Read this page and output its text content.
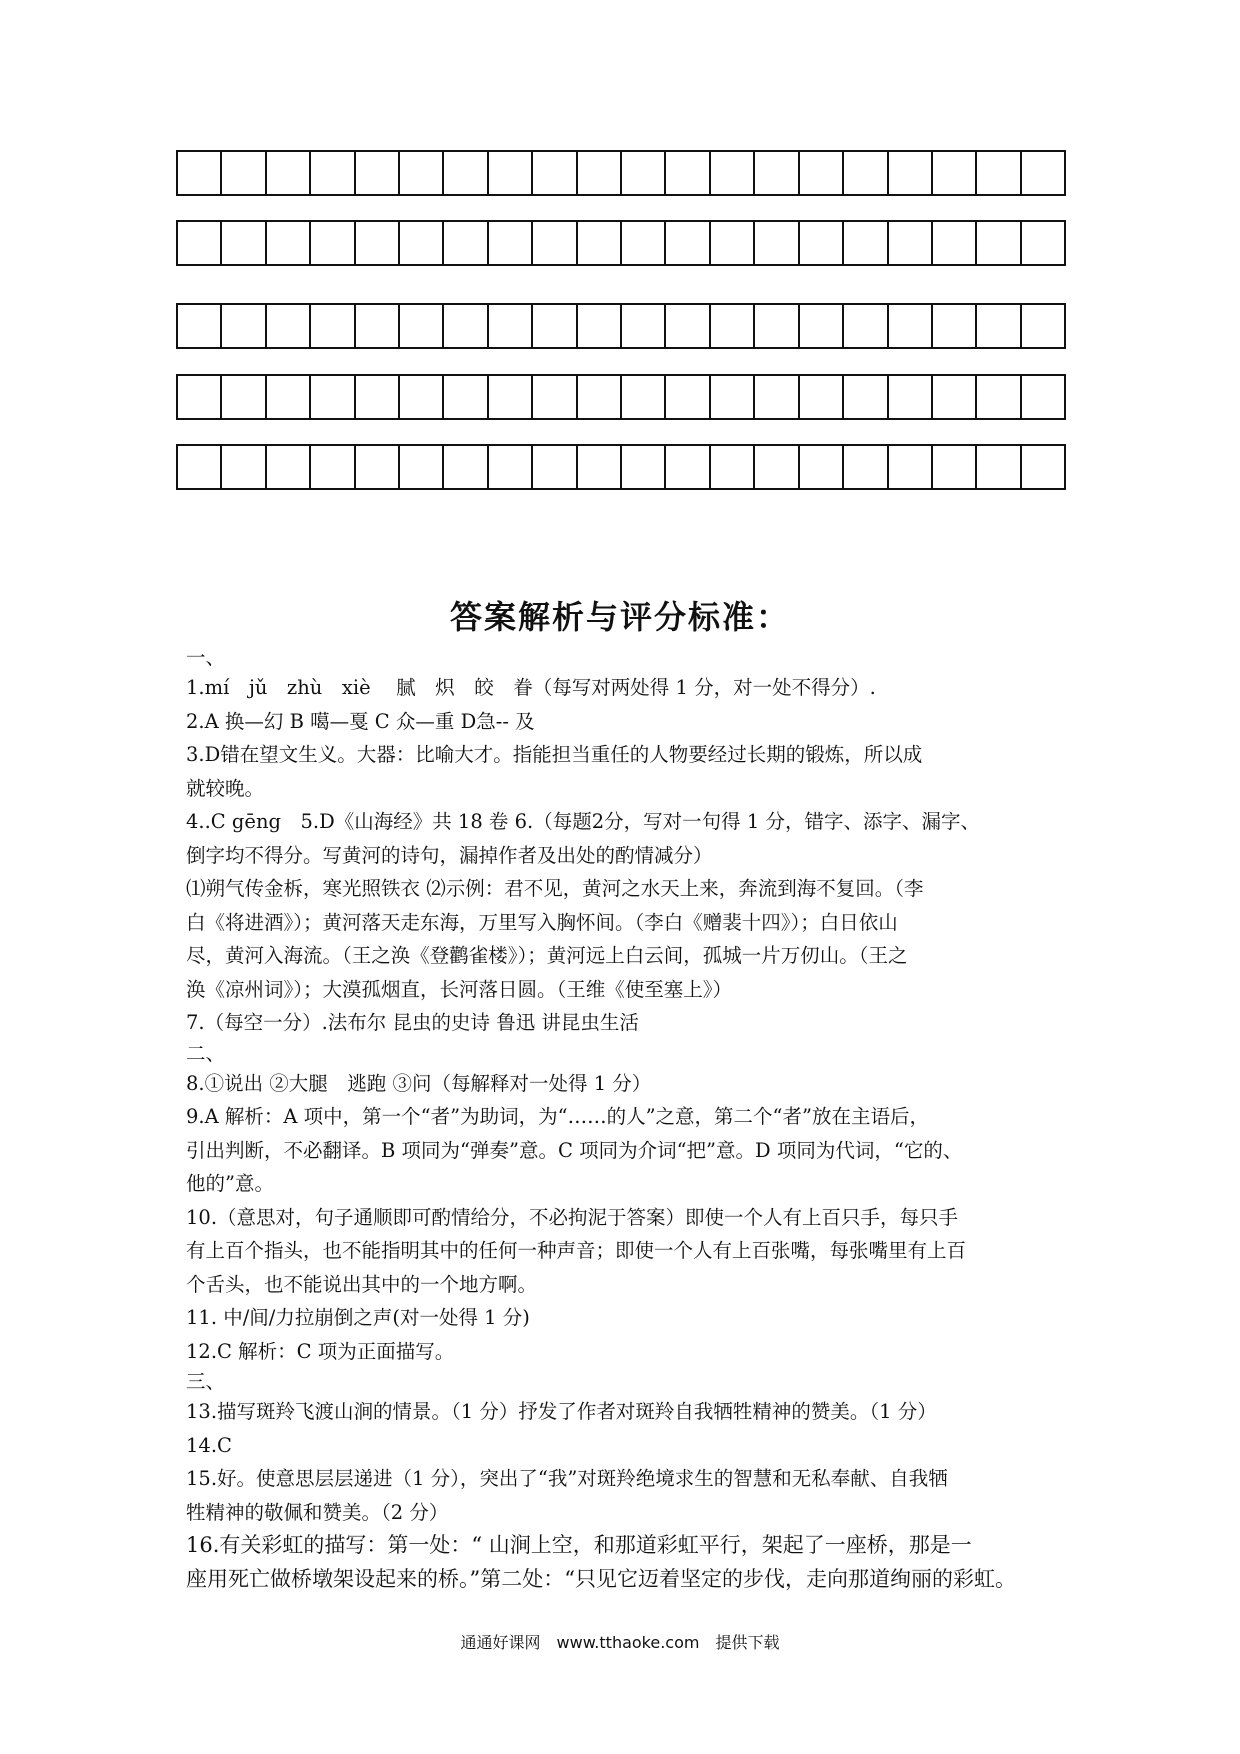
答案解析与评分标准：

一、

1.mí　jǔ　zhù　xiè　 腻　炽　皎　眷（每写对两处得 1 分，对一处不得分）.

2.A 换—幻 B 噶—戛 C 众—重 D急-- 及

3.D错在望文生义。大器：比喻大才。指能担当重任的人物要经过长期的锻炼，所以成

就较晚。

4..C gēng　5.D《山海经》共 18 卷 6.（每题2分，写对一句得 1 分，错字、添字、漏字、

倒字均不得分。写黄河的诗句，漏掉作者及出处的酌情减分）

⑴朔气传金柝，寒光照铁衣 ⑵示例：君不见，黄河之水天上来，奔流到海不复回。（李

白《将进酒》）；黄河落天走东海，万里写入胸怀间。（李白《赠裴十四》）；白日依山

尽，黄河入海流。（王之涣《登鹳雀楼》）；黄河远上白云间，孤城一片万仞山。（王之

涣《凉州词》）；大漠孤烟直，长河落日圆。（王维《使至塞上》）

7.（每空一分）.法布尔 昆虫的史诗 鲁迅 讲昆虫生活

二、

8.①说出 ②大腿　逃跑 ③问（每解释对一处得 1 分）

9.A 解析：A 项中，第一个“者”为助词，为“……的人”之意，第二个“者”放在主语后，

引出判断，不必翻译。B 项同为“弹奏”意。C 项同为介词“把”意。D 项同为代词，“它的、

他的”意。

10.（意思对，句子通顺即可酌情给分，不必拘泥于答案）即使一个人有上百只手，每只手

有上百个指头，也不能指明其中的任何一种声音；即使一个人有上百张嘴，每张嘴里有上百

个舌头，也不能说出其中的一个地方啊。

11. 中/间/力拉崩倒之声(对一处得 1 分)

12.C 解析：C 项为正面描写。

三、

13.描写斑羚飞渡山涧的情景。（1 分）抒发了作者对斑羚自我牺牲精神的赞美。（1 分）

14.C

15.好。使意思层层递进（1 分），突出了“我”对斑羚绝境求生的智慧和无私奉献、自我牺

牲精神的敬佩和赞美。（2 分）

16.有关彩虹的描写：第一处：“ 山涧上空，和那道彩虹平行，架起了一座桥，那是一

座用死亡做桥墩架设起来的桥。”第二处：“只见它迈着坚定的步伐，走向那道绚丽的彩虹。

通通好课网　www.tthaoke.com　提供下载
